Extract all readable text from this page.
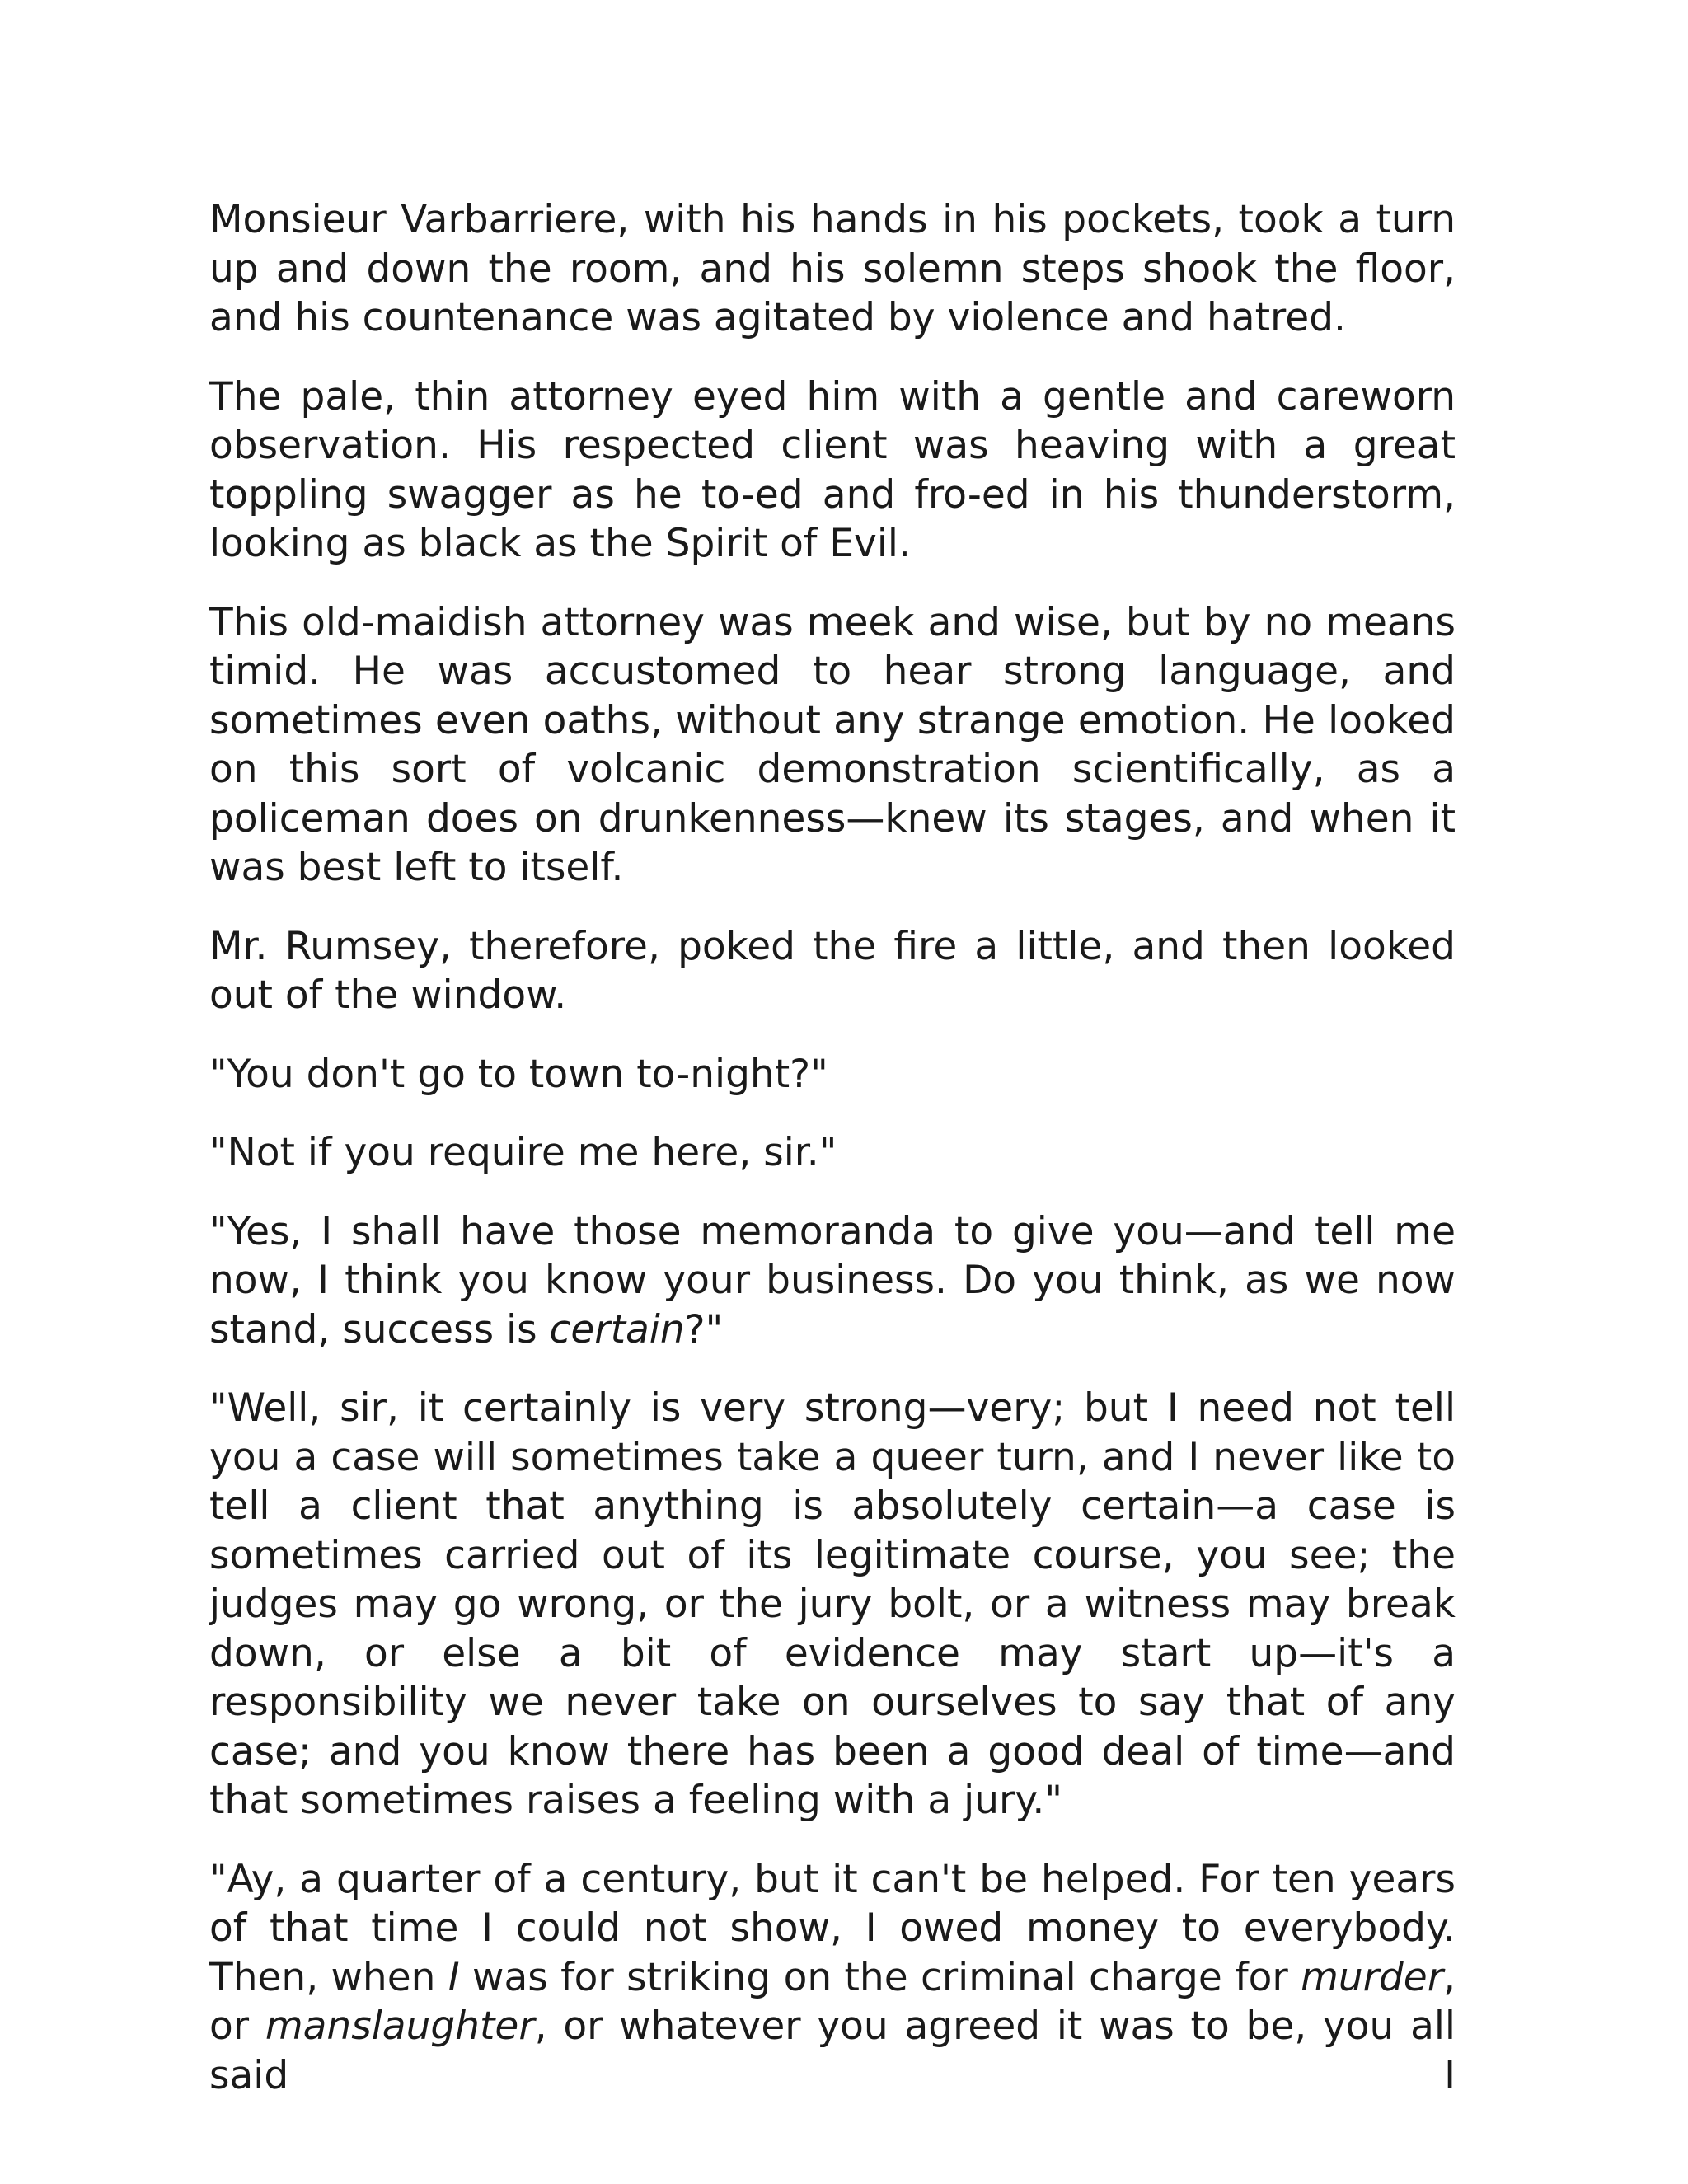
Monsieur Varbarriere, with his hands in his pockets, took a turn up and down the room, and his solemn steps shook the floor, and his countenance was agitated by violence and hatred.

The pale, thin attorney eyed him with a gentle and careworn observation. His respected client was heaving with a great toppling swagger as he to-ed and fro-ed in his thunderstorm, looking as black as the Spirit of Evil.

This old-maidish attorney was meek and wise, but by no means timid. He was accustomed to hear strong language, and sometimes even oaths, without any strange emotion. He looked on this sort of volcanic demonstration scientifically, as a policeman does on drunkenness—knew its stages, and when it was best left to itself.

Mr. Rumsey, therefore, poked the fire a little, and then looked out of the window.

"You don't go to town to-night?"

"Not if you require me here, sir."

"Yes, I shall have those memoranda to give you—and tell me now, I think you know your business. Do you think, as we now stand, success is certain?"

"Well, sir, it certainly is very strong—very; but I need not tell you a case will sometimes take a queer turn, and I never like to tell a client that anything is absolutely certain—a case is sometimes carried out of its legitimate course, you see; the judges may go wrong, or the jury bolt, or a witness may break down, or else a bit of evidence may start up—it's a responsibility we never take on ourselves to say that of any case; and you know there has been a good deal of time—and that sometimes raises a feeling with a jury."

"Ay, a quarter of a century, but it can't be helped. For ten years of that time I could not show, I owed money to everybody. Then, when I was for striking on the criminal charge for murder, or manslaughter, or whatever you agreed it was to be, you all said I
